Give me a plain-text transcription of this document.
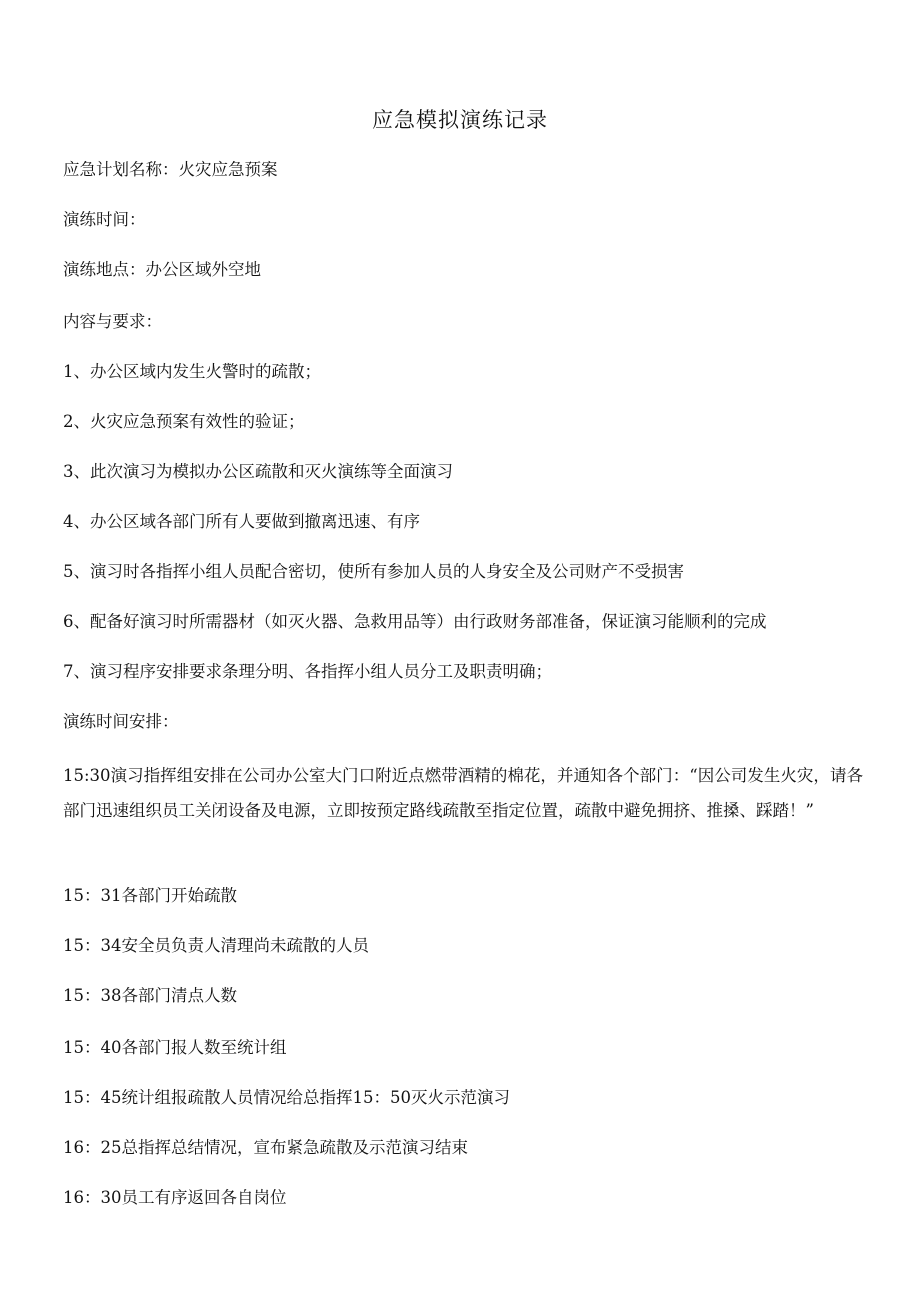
应急模拟演练记录
应急计划名称：火灾应急预案
演练时间：
演练地点：办公区域外空地
内容与要求：
1、办公区域内发生火警时的疏散；
2、火灾应急预案有效性的验证；
3、此次演习为模拟办公区疏散和灭火演练等全面演习
4、办公区域各部门所有人要做到撤离迅速、有序
5、演习时各指挥小组人员配合密切，使所有参加人员的人身安全及公司财产不受损害
6、配备好演习时所需器材（如灭火器、急救用品等）由行政财务部准备，保证演习能顺利的完成
7、演习程序安排要求条理分明、各指挥小组人员分工及职责明确；
演练时间安排：
15:30演习指挥组安排在公司办公室大门口附近点燃带酒精的棉花，并通知各个部门：“因公司发生火灾，请各部门迅速组织员工关闭设备及电源，立即按预定路线疏散至指定位置，疏散中避免拥挤、推搡、踩踏！”
15：31各部门开始疏散
15：34安全员负责人清理尚未疏散的人员
15：38各部门清点人数
15：40各部门报人数至统计组
15：45统计组报疏散人员情况给总指挥15：50灭火示范演习
16：25总指挥总结情况，宣布紧急疏散及示范演习结束
16：30员工有序返回各自岗位
